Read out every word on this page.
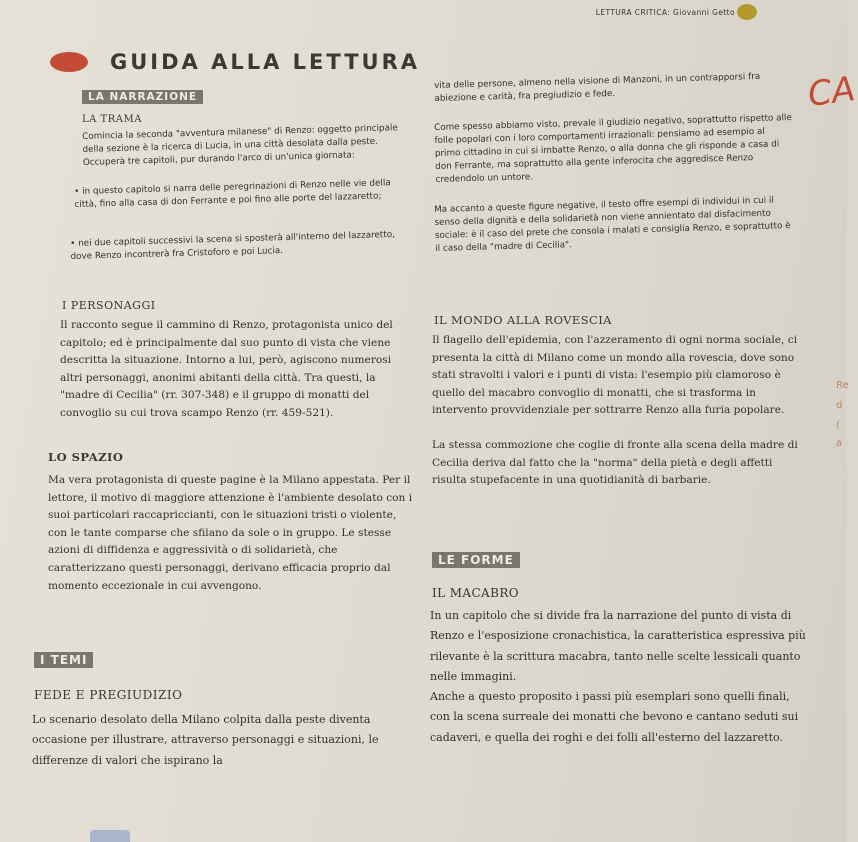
LETTURA CRITICA: Giovanni Getto
GUIDA ALLA LETTURA
CA
Re
d
(
a
LA NARRAZIONE
LA TRAMA

Comincia la seconda "avventura milanese" di Renzo: oggetto principale della sezione è la ricerca di Lucia, in una città desolata dalla peste. Occuperà tre capitoli, pur durando l'arco di un'unica giornata:

• in questo capitolo si narra delle peregrinazioni di Renzo nelle vie della città, fino alla casa di don Ferrante e poi fino alle porte del lazzaretto;

• nei due capitoli successivi la scena si sposterà all'interno del lazzaretto, dove Renzo incontrerà fra Cristoforo e poi Lucia.

I PERSONAGGI

Il racconto segue il cammino di Renzo, protagonista unico del capitolo; ed è principalmente dal suo punto di vista che viene descritta la situazione. Intorno a lui, però, agiscono numerosi altri personaggi, anonimi abitanti della città. Tra questi, la "madre di Cecilia" (rr. 307-348) e il gruppo di monatti del convoglio su cui trova scampo Renzo (rr. 459-521).

LO SPAZIO

Ma vera protagonista di queste pagine è la Milano appestata. Per il lettore, il motivo di maggiore attenzione è l'ambiente desolato con i suoi particolari raccapriccianti, con le situazioni tristi o violente, con le tante comparse che sfilano da sole o in gruppo. Le stesse azioni di diffidenza e aggressività o di solidarietà, che caratterizzano questi personaggi, derivano efficacia proprio dal momento eccezionale in cui avvengono.

I TEMI
FEDE E PREGIUDIZIO

Lo scenario desolato della Milano colpita dalla peste diventa occasione per illustrare, attraverso personaggi e situazioni, le differenze di valori che ispirano la

vita delle persone, almeno nella visione di Manzoni, in un contrapporsi fra abiezione e carità, fra pregiudizio e fede.

Come spesso abbiamo visto, prevale il giudizio negativo, soprattutto rispetto alle folle popolari con i loro comportamenti irrazionali: pensiamo ad esempio al primo cittadino in cui si imbatte Renzo, o alla donna che gli risponde a casa di don Ferrante, ma soprattutto alla gente inferocita che aggredisce Renzo credendolo un untore.

Ma accanto a queste figure negative, il testo offre esempi di individui in cui il senso della dignità e della solidarietà non viene annientato dal disfacimento sociale: è il caso del prete che consola i malati e consiglia Renzo, e soprattutto è il caso della "madre di Cecilia".

IL MONDO ALLA ROVESCIA

Il flagello dell'epidemia, con l'azzeramento di ogni norma sociale, ci presenta la città di Milano come un mondo alla rovescia, dove sono stati stravolti i valori e i punti di vista: l'esempio più clamoroso è quello del macabro convoglio di monatti, che si trasforma in intervento provvidenziale per sottrarre Renzo alla furia popolare.

La stessa commozione che coglie di fronte alla scena della madre di Cecilia deriva dal fatto che la "norma" della pietà e degli affetti risulta stupefacente in una quotidianità di barbarie.

LE FORME
IL MACABRO

In un capitolo che si divide fra la narrazione del punto di vista di Renzo e l'esposizione cronachistica, la caratteristica espressiva più rilevante è la scrittura macabra, tanto nelle scelte lessicali quanto nelle immagini.

Anche a questo proposito i passi più esemplari sono quelli finali, con la scena surreale dei monatti che bevono e cantano seduti sui cadaveri, e quella dei roghi e dei folli all'esterno del lazzaretto.
